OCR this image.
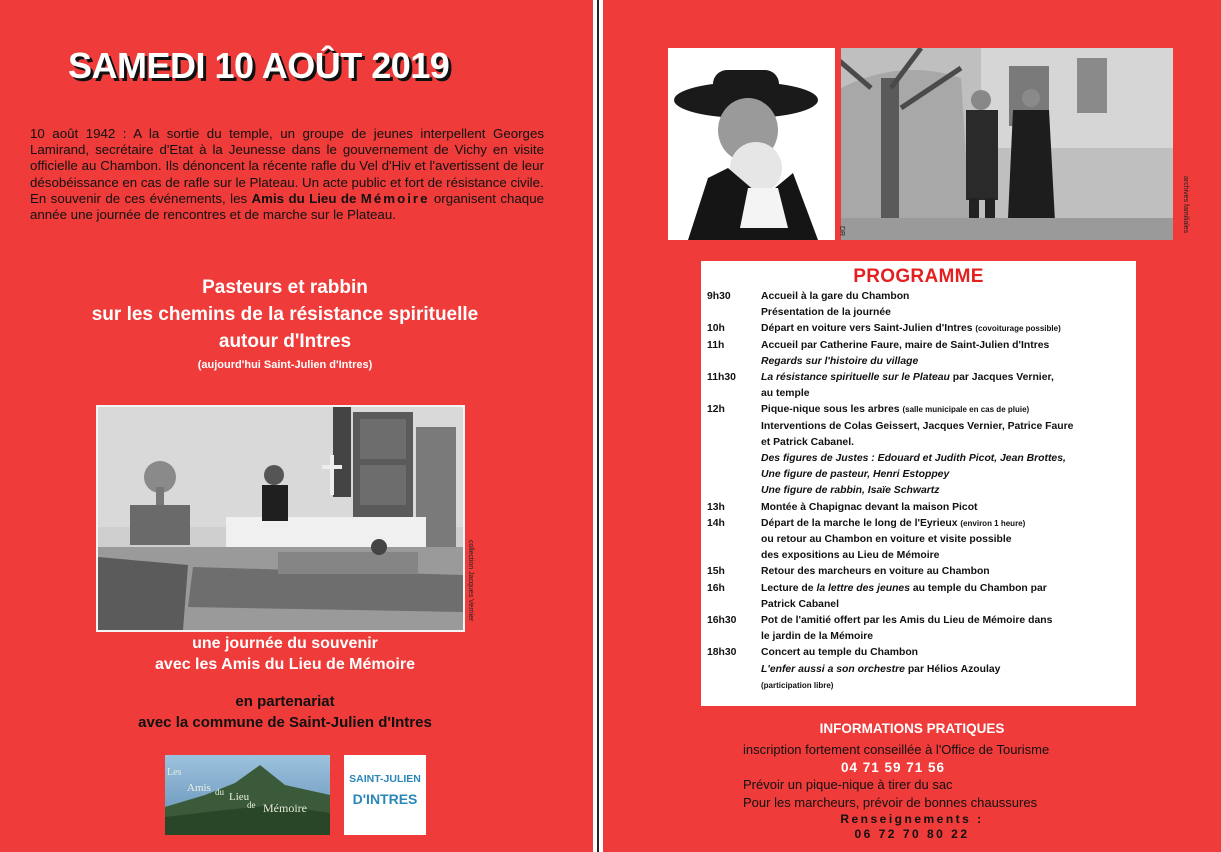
SAMEDI 10 AOÛT 2019

10 août 1942 : A la sortie du temple, un groupe de jeunes interpellent Georges Lamirand, secrétaire d'Etat à la Jeunesse dans le gouvernement de Vichy en visite officielle au Chambon. Ils dénoncent la récente rafle du Vel d'Hiv et l'avertissent de leur désobéissance en cas de rafle sur le Plateau. Un acte public et fort de résistance civile.

En souvenir de ces événements, les Amis du Lieu de Mémoire organisent chaque année une journée de rencontres et de marche sur le Plateau.

Pasteurs et rabbin
sur les chemins de la résistance spirituelle
autour d'Intres
(aujourd'hui Saint-Julien d'Intres)
collection Jacques Vernier
une journée du souvenir
avec les Amis du Lieu de Mémoire
en partenariat
avec la commune de Saint-Julien d'Intres
Les
Amis du Lieu
de Mémoire
SAINT-JULIEN
D'INTRES
DR	archives familiales
PROGRAMME
9h30	Accueil à la gare du Chambon
Présentation de la journée
10h	Départ en voiture vers Saint-Julien d'Intres (covoiturage possible)
11h	Accueil par Catherine Faure, maire de Saint-Julien d'Intres
Regards sur l'histoire du village
11h30 La résistance spirituelle sur le Plateau par Jacques Vernier,
au temple
12h	Pique-nique sous les arbres (salle municipale en cas de pluie)
Interventions de Colas Geissert, Jacques Vernier, Patrice Faure
et Patrick Cabanel.
Des figures de Justes : Edouard et Judith Picot, Jean Brottes,
Une figure de pasteur, Henri Estoppey
Une figure de rabbin, Isaïe Schwartz
13h	Montée à Chapignac devant la maison Picot
14h	Départ de la marche le long de l'Eyrieux (environ 1 heure)
ou retour au Chambon en voiture et visite possible
des expositions au Lieu de Mémoire
15h	Retour des marcheurs en voiture au Chambon
16h	Lecture de la lettre des jeunes au temple du Chambon par
Patrick Cabanel
16h30 Pot de l'amitié offert par les Amis du Lieu de Mémoire dans
le jardin de la Mémoire
18h30 Concert au temple du Chambon
L'enfer aussi a son orchestre par Hélios Azoulay
(participation libre)
INFORMATIONS PRATIQUES
inscription fortement conseillée à l'Office de Tourisme
04 71 59 71 56
Prévoir un pique-nique à tirer du sac
Pour les marcheurs, prévoir de bonnes chaussures
Renseignements :
06 72 70 80 22
